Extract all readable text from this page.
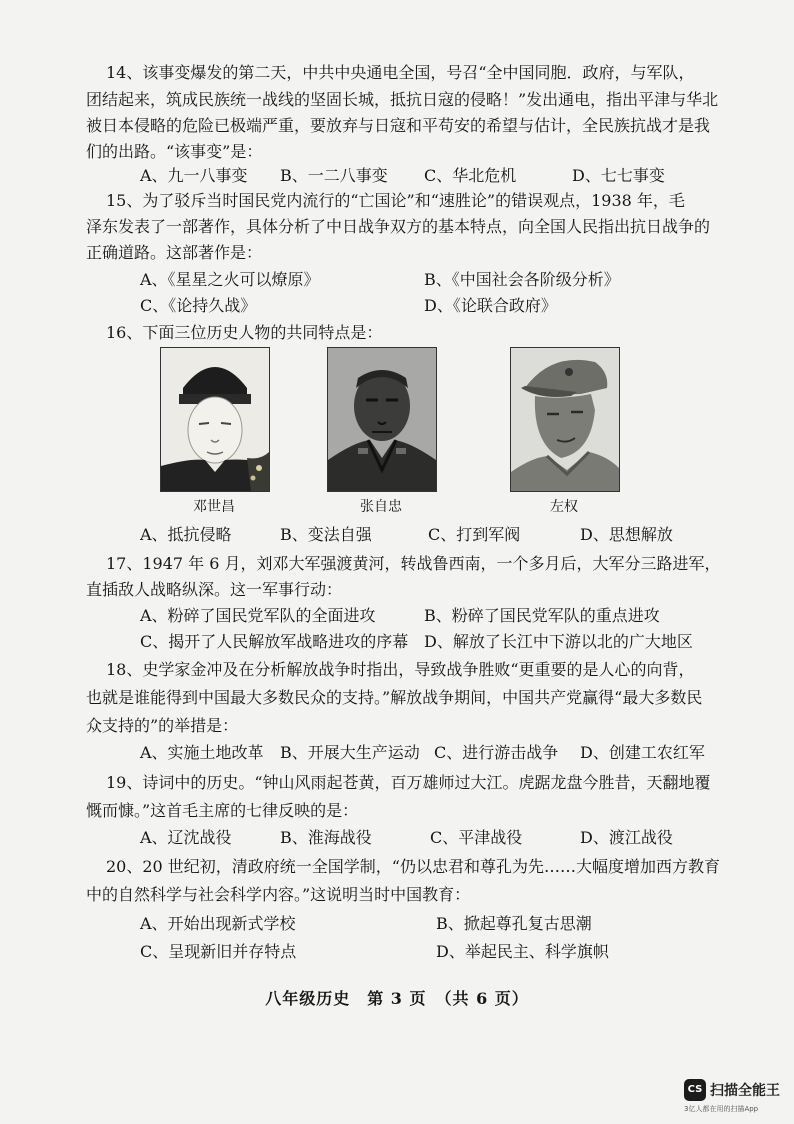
14、该事变爆发的第二天，中共中央通电全国，号召“全中国同胞．政府，与军队，
团结起来，筑成民族统一战线的坚固长城，抵抗日寇的侵略！”发出通电，指出平津与华北
被日本侵略的危险已极端严重，要放弃与日寇和平苟安的希望与估计，全民族抗战才是我
们的出路。“该事变”是：
A、九一八事变 B、一二八事变 C、华北危机	D、七七事变
15、为了驳斥当时国民党内流行的“亡国论”和“速胜论”的错误观点，1938 年，毛
泽东发表了一部著作，具体分析了中日战争双方的基本特点，向全国人民指出抗日战争的
正确道路。这部著作是：
A、《星星之火可以燎原》	B、《中国社会各阶级分析》
C、《论持久战》	D、《论联合政府》
16、下面三位历史人物的共同特点是：
邓世昌	张自忠	左权
A、抵抗侵略	B、变法自强	C、打到军阀	D、思想解放
17、1947 年 6 月，刘邓大军强渡黄河，转战鲁西南，一个多月后，大军分三路进军，
直插敌人战略纵深。这一军事行动：
A、粉碎了国民党军队的全面进攻	B、粉碎了国民党军队的重点进攻
C、揭开了人民解放军战略进攻的序幕 D、解放了长江中下游以北的广大地区
18、史学家金冲及在分析解放战争时指出，导致战争胜败“更重要的是人心的向背，
也就是谁能得到中国最大多数民众的支持。”解放战争期间，中国共产党赢得“最大多数民
众支持的”的举措是：
A、实施土地改革 B、开展大生产运动 C、进行游击战争 D、创建工农红军
19、诗词中的历史。“钟山风雨起苍黄，百万雄师过大江。虎踞龙盘今胜昔，天翻地覆
慨而慷。”这首毛主席的七律反映的是：
A、辽沈战役	B、淮海战役	C、平津战役	D、渡江战役
20、20 世纪初，清政府统一全国学制，“仍以忠君和尊孔为先……大幅度增加西方教育
中的自然科学与社会科学内容。”这说明当时中国教育：
A、开始出现新式学校	B、掀起尊孔复古思潮
C、呈现新旧并存特点	D、举起民主、科学旗帜
八年级历史　第 3 页　（共 6 页）
CS 扫描全能王
3亿人都在用的扫描App
